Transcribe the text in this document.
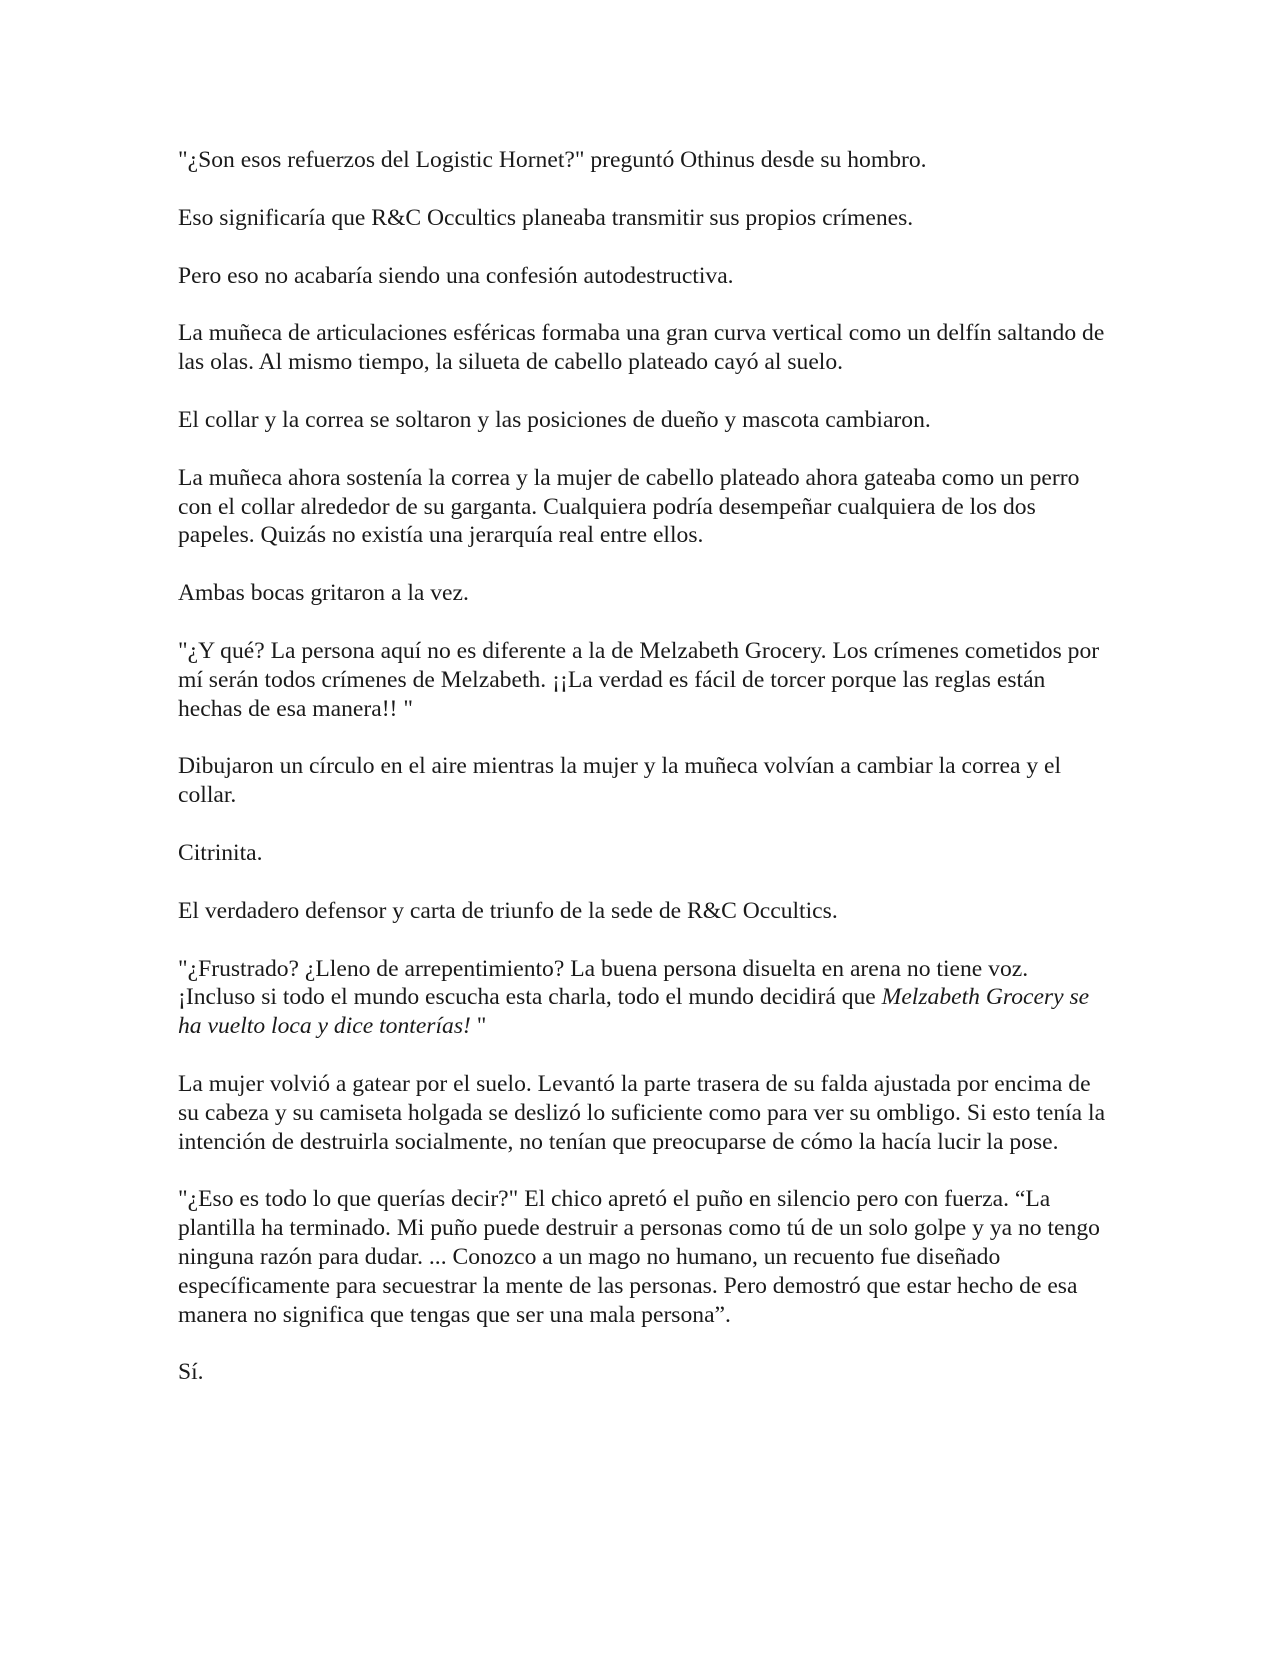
"¿Son esos refuerzos del Logistic Hornet?" preguntó Othinus desde su hombro.

Eso significaría que R&C Occultics planeaba transmitir sus propios crímenes.

Pero eso no acabaría siendo una confesión autodestructiva.

La muñeca de articulaciones esféricas formaba una gran curva vertical como un delfín saltando de las olas. Al mismo tiempo, la silueta de cabello plateado cayó al suelo.

El collar y la correa se soltaron y las posiciones de dueño y mascota cambiaron.

La muñeca ahora sostenía la correa y la mujer de cabello plateado ahora gateaba como un perro con el collar alrededor de su garganta. Cualquiera podría desempeñar cualquiera de los dos papeles. Quizás no existía una jerarquía real entre ellos.

Ambas bocas gritaron a la vez.

"¿Y qué? La persona aquí no es diferente a la de Melzabeth Grocery. Los crímenes cometidos por mí serán todos crímenes de Melzabeth. ¡¡La verdad es fácil de torcer porque las reglas están hechas de esa manera!! "

Dibujaron un círculo en el aire mientras la mujer y la muñeca volvían a cambiar la correa y el collar.

Citrinita.

El verdadero defensor y carta de triunfo de la sede de R&C Occultics.

"¿Frustrado? ¿Lleno de arrepentimiento? La buena persona disuelta en arena no tiene voz. ¡Incluso si todo el mundo escucha esta charla, todo el mundo decidirá que Melzabeth Grocery se ha vuelto loca y dice tonterías! "

La mujer volvió a gatear por el suelo. Levantó la parte trasera de su falda ajustada por encima de su cabeza y su camiseta holgada se deslizó lo suficiente como para ver su ombligo. Si esto tenía la intención de destruirla socialmente, no tenían que preocuparse de cómo la hacía lucir la pose.

"¿Eso es todo lo que querías decir?" El chico apretó el puño en silencio pero con fuerza. “La plantilla ha terminado. Mi puño puede destruir a personas como tú de un solo golpe y ya no tengo ninguna razón para dudar. ... Conozco a un mago no humano, un recuento fue diseñado específicamente para secuestrar la mente de las personas. Pero demostró que estar hecho de esa manera no significa que tengas que ser una mala persona”.

Sí.
